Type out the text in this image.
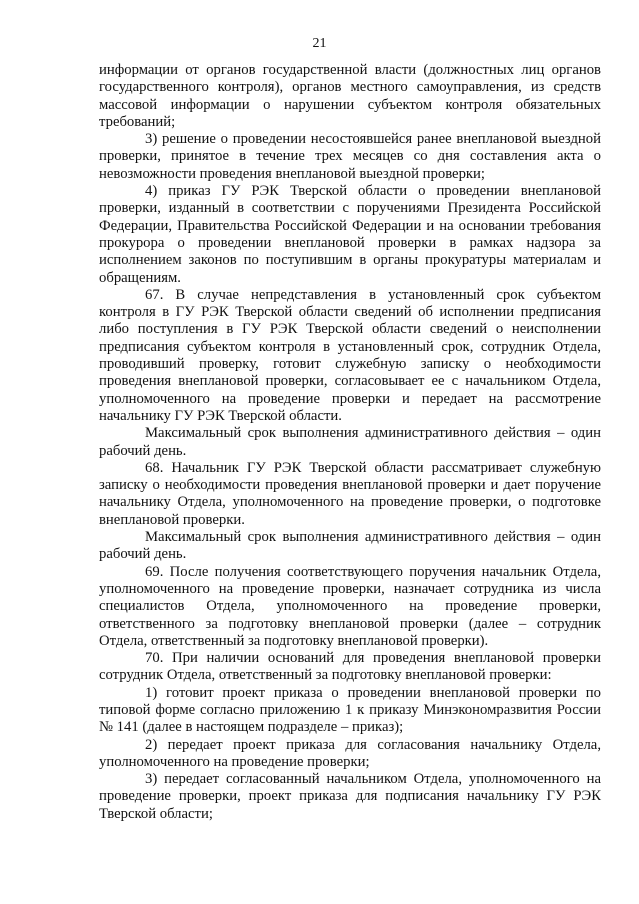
21

информации от органов государственной власти (должностных лиц органов государственного контроля), органов местного самоуправления, из средств массовой информации о нарушении субъектом контроля обязательных требований;

3) решение о проведении несостоявшейся ранее внеплановой выездной проверки, принятое в течение трех месяцев со дня составления акта о невозможности проведения внеплановой выездной проверки;

4) приказ ГУ РЭК Тверской области о проведении внеплановой проверки, изданный в соответствии с поручениями Президента Российской Федерации, Правительства Российской Федерации и на основании требования прокурора о проведении внеплановой проверки в рамках надзора за исполнением законов по поступившим в органы прокуратуры материалам и обращениям.

67. В случае непредставления в установленный срок субъектом контроля в ГУ РЭК Тверской области сведений об исполнении предписания либо поступления в ГУ РЭК Тверской области сведений о неисполнении предписания субъектом контроля в установленный срок, сотрудник Отдела, проводивший проверку, готовит служебную записку о необходимости проведения внеплановой проверки, согласовывает ее с начальником Отдела, уполномоченного на проведение проверки и передает на рассмотрение начальнику ГУ РЭК Тверской области.

Максимальный срок выполнения административного действия – один рабочий день.

68. Начальник ГУ РЭК Тверской области рассматривает служебную записку о необходимости проведения внеплановой проверки и дает поручение начальнику Отдела, уполномоченного на проведение проверки, о подготовке внеплановой проверки.

Максимальный срок выполнения административного действия – один рабочий день.

69. После получения соответствующего поручения начальник Отдела, уполномоченного на проведение проверки, назначает сотрудника из числа специалистов Отдела, уполномоченного на проведение проверки, ответственного за подготовку внеплановой проверки (далее – сотрудник Отдела, ответственный за подготовку внеплановой проверки).

70. При наличии оснований для проведения внеплановой проверки сотрудник Отдела, ответственный за подготовку внеплановой проверки:

1) готовит проект приказа о проведении внеплановой проверки по типовой форме согласно приложению 1 к приказу Минэкономразвития России № 141 (далее в настоящем подразделе – приказ);

2) передает проект приказа для согласования начальнику Отдела, уполномоченного на проведение проверки;

3) передает согласованный начальником Отдела, уполномоченного на проведение проверки, проект приказа для подписания начальнику ГУ РЭК Тверской области;
